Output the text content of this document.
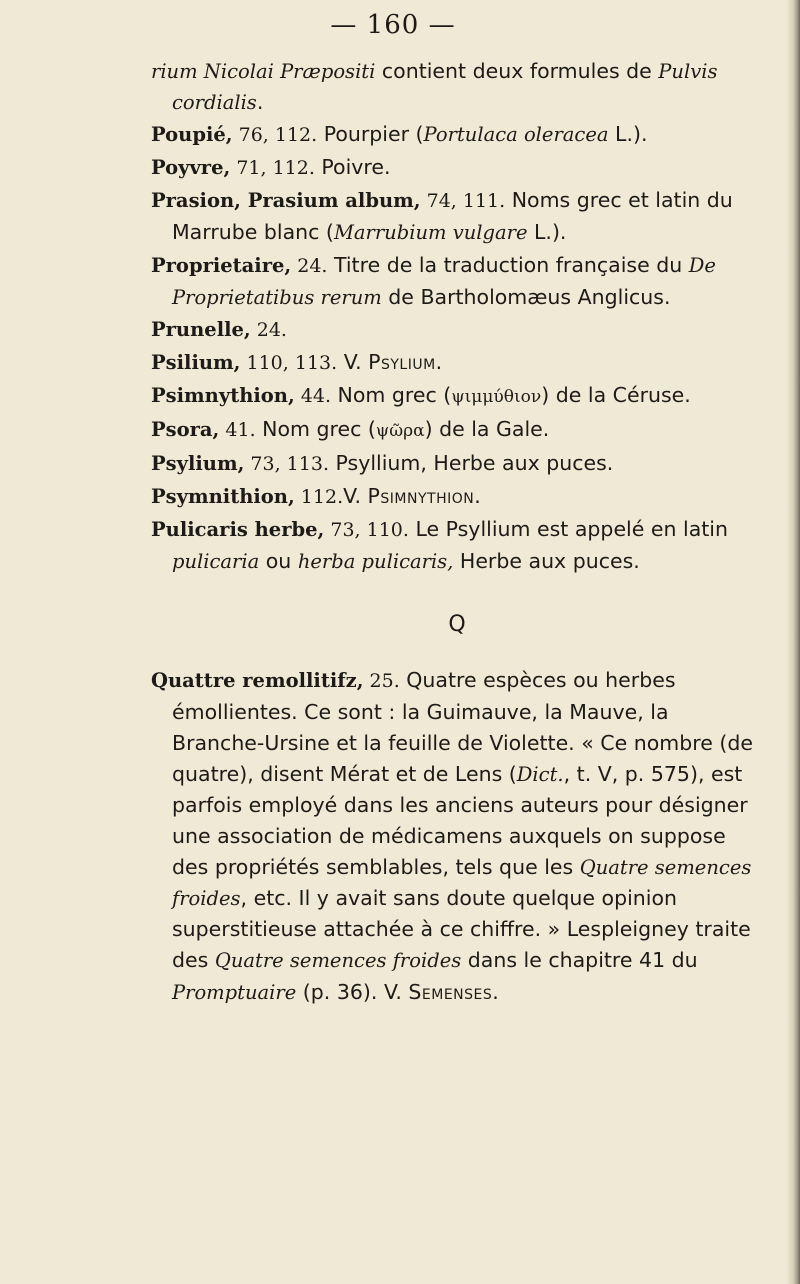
— 160 —

rium Nicolai Præpositi contient deux formules de Pulvis cordialis.

Poupié, 76, 112. Pourpier (Portulaca oleracea L.).

Poyvre, 71, 112. Poivre.

Prasion, Prasium album, 74, 111. Noms grec et latin du Marrube blanc (Marrubium vulgare L.).

Proprietaire, 24. Titre de la traduction française du De Proprietatibus rerum de Bartholomæus Anglicus.

Prunelle, 24.

Psilium, 110, 113. V. Psylium.

Psimnythion, 44. Nom grec (ψιμμύθιον) de la Céruse.

Psora, 41. Nom grec (ψῶρα) de la Gale.

Psylium, 73, 113. Psyllium, Herbe aux puces.

Psymnithion, 112.V. Psimnythion.

Pulicaris herbe, 73, 110. Le Psyllium est appelé en latin pulicaria ou herba pulicaris, Herbe aux puces.

Q

Quattre remollitifz, 25. Quatre espèces ou herbes émollientes. Ce sont : la Guimauve, la Mauve, la Branche-Ursine et la feuille de Violette. « Ce nombre (de quatre), disent Mérat et de Lens (Dict., t. V, p. 575), est parfois employé dans les anciens auteurs pour désigner une association de médicamens auxquels on suppose des propriétés semblables, tels que les Quatre semences froides, etc. Il y avait sans doute quelque opinion superstitieuse attachée à ce chiffre. » Lespleigney traite des Quatre semences froides dans le chapitre 41 du Promptuaire (p. 36). V. Semenses.
